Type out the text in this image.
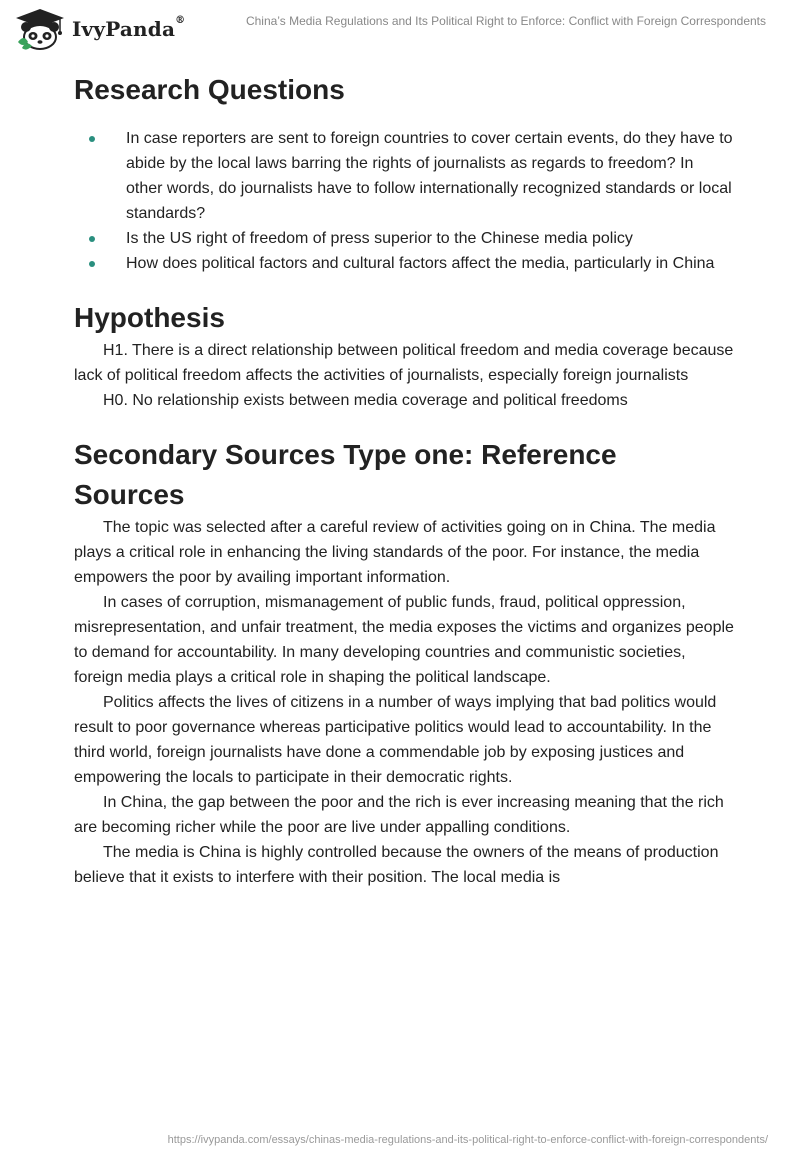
IvyPanda®	China’s Media Regulations and Its Political Right to Enforce: Conflict with Foreign Correspondents
Research Questions
In case reporters are sent to foreign countries to cover certain events, do they have to abide by the local laws barring the rights of journalists as regards to freedom? In other words, do journalists have to follow internationally recognized standards or local standards?
Is the US right of freedom of press superior to the Chinese media policy
How does political factors and cultural factors affect the media, particularly in China
Hypothesis

H1. There is a direct relationship between political freedom and media coverage because lack of political freedom affects the activities of journalists, especially foreign journalists

H0. No relationship exists between media coverage and political freedoms

Secondary Sources Type one: Reference Sources

The topic was selected after a careful review of activities going on in China. The media plays a critical role in enhancing the living standards of the poor. For instance, the media empowers the poor by availing important information.

In cases of corruption, mismanagement of public funds, fraud, political oppression, misrepresentation, and unfair treatment, the media exposes the victims and organizes people to demand for accountability. In many developing countries and communistic societies, foreign media plays a critical role in shaping the political landscape.

Politics affects the lives of citizens in a number of ways implying that bad politics would result to poor governance whereas participative politics would lead to accountability. In the third world, foreign journalists have done a commendable job by exposing justices and empowering the locals to participate in their democratic rights.

In China, the gap between the poor and the rich is ever increasing meaning that the rich are becoming richer while the poor are live under appalling conditions.

The media is China is highly controlled because the owners of the means of production believe that it exists to interfere with their position. The local media is

https://ivypanda.com/essays/chinas-media-regulations-and-its-political-right-to-enforce-conflict-with-foreign-correspondents/
